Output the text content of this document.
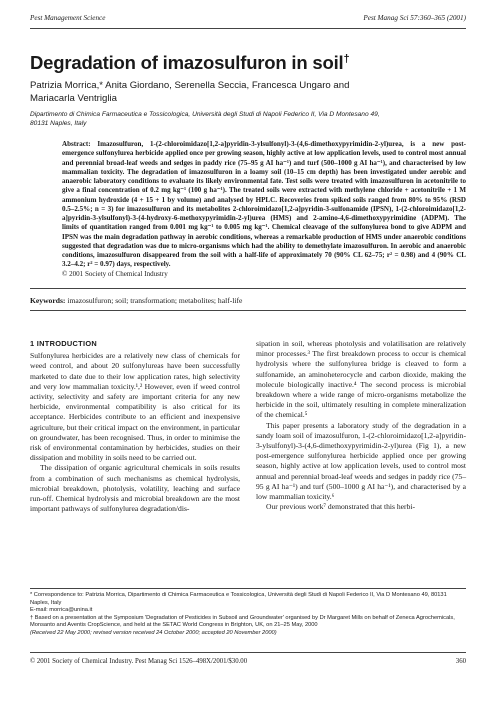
Pest Management Science	Pest Manag Sci 57:360–365 (2001)
Degradation of imazosulfuron in soil†
Patrizia Morrica,* Anita Giordano, Serenella Seccia, Francesca Ungaro and
Mariacarla Ventriglia
Dipartimento di Chimica Farmaceutica e Tossicologica, Università degli Studi di Napoli Federico II, Via D Montesano 49,
80131 Naples, Italy
Abstract: Imazosulfuron, 1-(2-chloroimidazo[1,2-a]pyridin-3-ylsulfonyl)-3-(4,6-dimethoxypyrimidin-2-yl)urea, is a new post-emergence sulfonylurea herbicide applied once per growing season, highly active at low application levels, used to control most annual and perennial broad-leaf weeds and sedges in paddy rice (75–95 g AI ha⁻¹) and turf (500–1000 g AI ha⁻¹), and characterised by low mammalian toxicity. The degradation of imazosulfuron in a loamy soil (10–15 cm depth) has been investigated under aerobic and anaerobic laboratory conditions to evaluate its likely environmental fate. Test soils were treated with imazosulfuron in acetonitrile to give a final concentration of 0.2 mg kg⁻¹ (100 g ha⁻¹). The treated soils were extracted with methylene chloride + acetonitrile + 1 M ammonium hydroxide (4 + 15 + 1 by volume) and analysed by HPLC. Recoveries from spiked soils ranged from 80% to 95% (RSD 0.5–2.5%; n = 3) for imazosulfuron and its metabolites 2-chloroimidazo[1,2-a]pyridin-3-sulfonamide (IPSN), 1-(2-chloroimidazo[1,2-a]pyridin-3-ylsulfonyl)-3-(4-hydroxy-6-methoxypyrimidin-2-yl)urea (HMS) and 2-amino-4,6-dimethoxypyrimidine (ADPM). The limits of quantitation ranged from 0.001 mg kg⁻¹ to 0.005 mg kg⁻¹. Chemical cleavage of the sulfonylurea bond to give ADPM and IPSN was the main degradation pathway in aerobic conditions, whereas a remarkable production of HMS under anaerobic conditions suggested that degradation was due to micro-organisms which had the ability to demethylate imazosulfuron. In aerobic and anaerobic conditions, imazosulfuron disappeared from the soil with a half-life of approximately 70 (90% CL 62–75; r² = 0.98) and 4 (90% CL 3.2–4.2; r² = 0.97) days, respectively.
© 2001 Society of Chemical Industry
Keywords: imazosulfuron; soil; transformation; metabolites; half-life
1 INTRODUCTION

Sulfonylurea herbicides are a relatively new class of chemicals for weed control, and about 20 sulfonylureas have been successfully marketed to date due to their low application rates, high selectivity and very low mammalian toxicity.¹,² However, even if weed control activity, selectivity and safety are important criteria for any new herbicide, environmental compatibility is also critical for its acceptance. Herbicides contribute to an efficient and inexpensive agriculture, but their critical impact on the environment, in particular on groundwater, has been recognised. Thus, in order to minimise the risk of environmental contamination by herbicides, studies on their dissipation and mobility in soils need to be carried out.

The dissipation of organic agricultural chemicals in soils results from a combination of such mechanisms as chemical hydrolysis, microbial breakdown, photolysis, volatility, leaching and surface run-off. Chemical hydrolysis and microbial breakdown are the most important pathways of sulfonylurea degradation/dis-

sipation in soil, whereas photolysis and volatilisation are relatively minor processes.³ The first breakdown process to occur is chemical hydrolysis where the sulfonylurea bridge is cleaved to form a sulfonamide, an aminoheterocycle and carbon dioxide, making the molecule biologically inactive.⁴ The second process is microbial breakdown where a wide range of micro-organisms metabolize the herbicide in the soil, ultimately resulting in complete mineralization of the chemical.⁵

This paper presents a laboratory study of the degradation in a sandy loam soil of imazosulfuron, 1-(2-chloroimidazo[1,2-a]pyridin-3-ylsulfonyl)-3-(4,6-dimethoxypyrimidin-2-yl)urea (Fig 1), a new post-emergence sulfonylurea herbicide applied once per growing season, highly active at low application levels, used to control most annual and perennial broad-leaf weeds and sedges in paddy rice (75–95 g AI ha⁻¹) and turf (500–1000 g AI ha⁻¹), and characterised by a low mammalian toxicity.⁶

Our previous work⁷ demonstrated that this herbi-

* Correspondence to: Patrizia Morrica, Dipartimento di Chimica Farmaceutica e Tossicologica, Università degli Studi di Napoli Federico II, Via D Montesano 49, 80131 Naples, Italy
E-mail: morrica@unina.it
† Based on a presentation at the Symposium 'Degradation of Pesticides in Subsoil and Groundwater' organised by Dr Margaret Mills on behalf of Zeneca Agrochemicals, Monsanto and Aventis CropScience, and held at the SETAC World Congress in Brighton, UK, on 21–25 May, 2000
(Received 22 May 2000; revised version received 24 October 2000; accepted 20 November 2000)
© 2001 Society of Chemical Industry. Pest Manag Sci 1526–498X/2001/$30.00	360
